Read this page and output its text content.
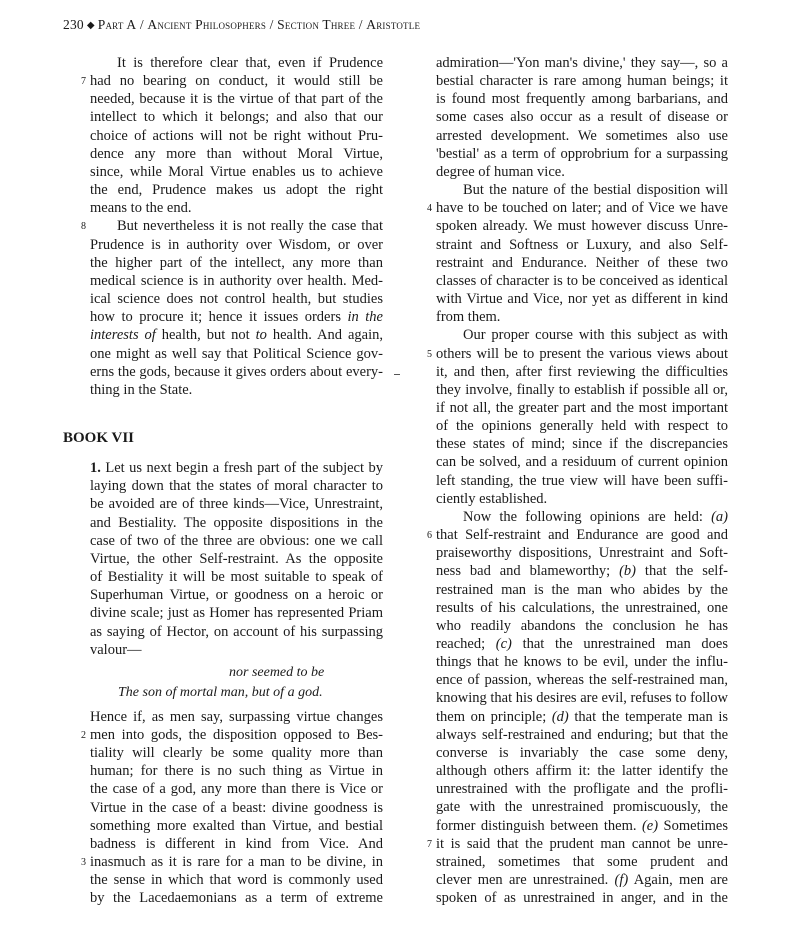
230 ◆ Part A / Ancient Philosophers / Section Three / Aristotle
It is therefore clear that, even if Prudence
7 had no bearing on conduct, it would still be
needed, because it is the virtue of that part of the
intellect to which it belongs; and also that our
choice of actions will not be right without Pru-
dence any more than without Moral Virtue,
since, while Moral Virtue enables us to achieve
the end, Prudence makes us adopt the right
means to the end.
8 But nevertheless it is not really the case that
Prudence is in authority over Wisdom, or over
the higher part of the intellect, any more than
medical science is in authority over health. Med-
ical science does not control health, but studies
how to procure it; hence it issues orders in the
interests of health, but not to health. And again,
one might as well say that Political Science gov-
erns the gods, because it gives orders about every-
thing in the State.
BOOK VII
1. Let us next begin a fresh part of the subject by
laying down that the states of moral character to
be avoided are of three kinds—Vice, Unrestraint,
and Bestiality. The opposite dispositions in the
case of two of the three are obvious: one we call
Virtue, the other Self-restraint. As the opposite
of Bestiality it will be most suitable to speak of
Superhuman Virtue, or goodness on a heroic or
divine scale; just as Homer has represented Priam
as saying of Hector, on account of his surpassing
valour—
nor seemed to be
The son of mortal man, but of a god.
Hence if, as men say, surpassing virtue changes
2 men into gods, the disposition opposed to Bes-
tiality will clearly be some quality more than
human; for there is no such thing as Virtue in
the case of a god, any more than there is Vice or
Virtue in the case of a beast: divine goodness is
something more exalted than Virtue, and bestial
badness is different in kind from Vice. And
3 inasmuch as it is rare for a man to be divine, in
the sense in which that word is commonly used
by the Lacedaemonians as a term of extreme
admiration—'Yon man's divine,' they say—, so a
bestial character is rare among human beings; it
is found most frequently among barbarians, and
some cases also occur as a result of disease or
arrested development. We sometimes also use
'bestial' as a term of opprobrium for a surpassing
degree of human vice.
But the nature of the bestial disposition will
4 have to be touched on later; and of Vice we have
spoken already. We must however discuss Unre-
straint and Softness or Luxury, and also Self-
restraint and Endurance. Neither of these two
classes of character is to be conceived as identical
with Virtue and Vice, nor yet as different in kind
from them.
Our proper course with this subject as with
5 others will be to present the various views about
it, and then, after first reviewing the difficulties
they involve, finally to establish if possible all or,
if not all, the greater part and the most important
of the opinions generally held with respect to
these states of mind; since if the discrepancies
can be solved, and a residuum of current opinion
left standing, the true view will have been suffi-
ciently established.
Now the following opinions are held: (a)
6 that Self-restraint and Endurance are good and
praiseworthy dispositions, Unrestraint and Soft-
ness bad and blameworthy; (b) that the self-
restrained man is the man who abides by the
results of his calculations, the unrestrained, one
who readily abandons the conclusion he has
reached; (c) that the unrestrained man does
things that he knows to be evil, under the influ-
ence of passion, whereas the self-restrained man,
knowing that his desires are evil, refuses to follow
them on principle; (d) that the temperate man is
always self-restrained and enduring; but that the
converse is invariably the case some deny,
although others affirm it: the latter identify the
unrestrained with the profligate and the profli-
gate with the unrestrained promiscuously, the
former distinguish between them. (e) Sometimes
7 it is said that the prudent man cannot be unre-
strained, sometimes that some prudent and
clever men are unrestrained. (f) Again, men are
spoken of as unrestrained in anger, and in the
